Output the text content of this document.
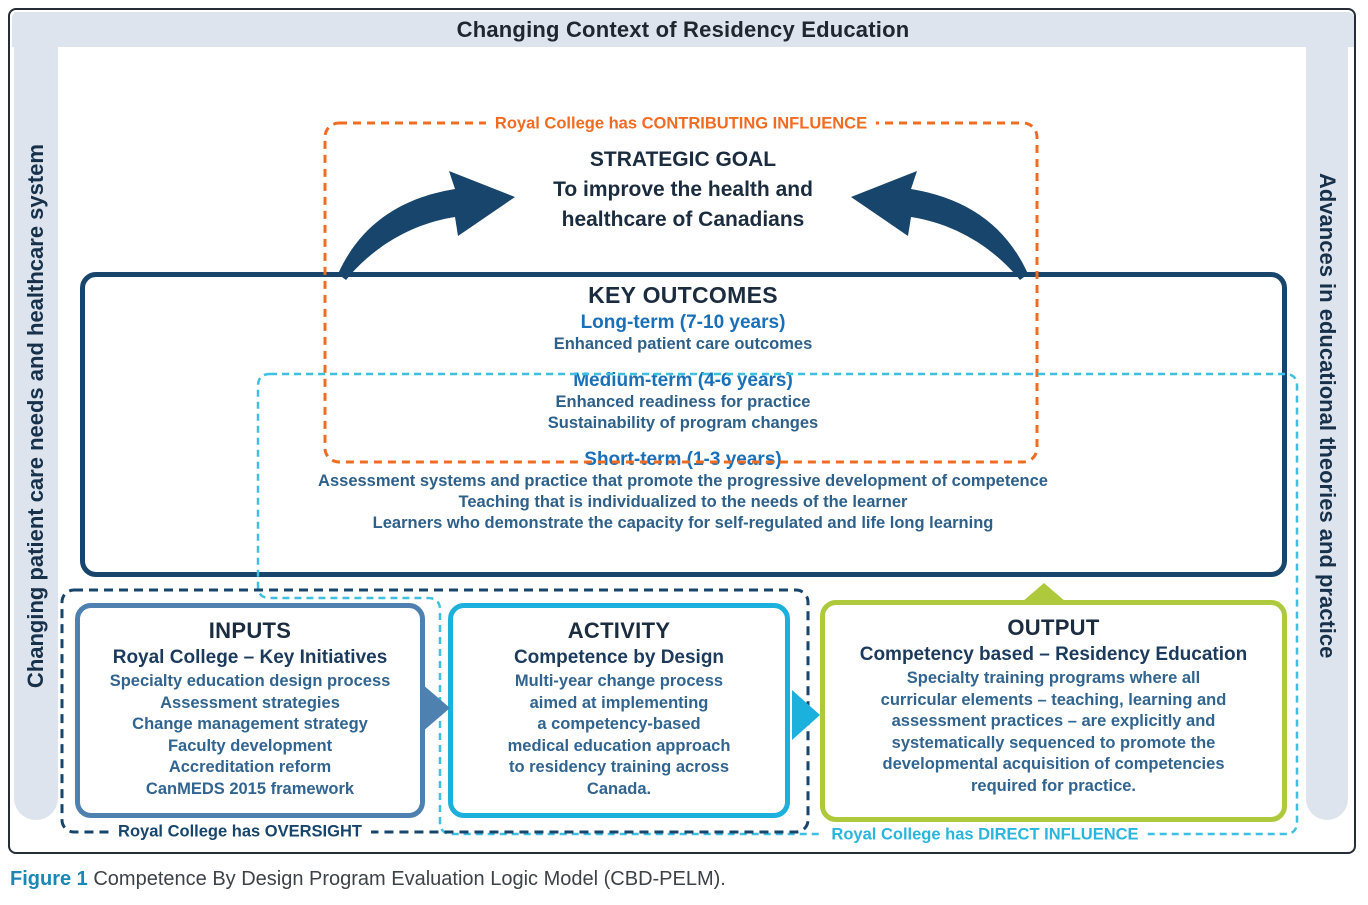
Changing Context of Residency Education
Changing patient care needs and healthcare system	Advances in educational theories and practice
STRATEGIC GOAL
To improve the health and
healthcare of Canadians
KEY OUTCOMES
Long-term (7-10 years)
Enhanced patient care outcomes
Medium-term (4-6 years)
Enhanced readiness for practice
Sustainability of program changes
Short-term (1-3 years)
Assessment systems and practice that promote the progressive development of competence
Teaching that is individualized to the needs of the learner
Learners who demonstrate the capacity for self-regulated and life long learning
INPUTS
Royal College – Key Initiatives
Specialty education design process
Assessment strategies
Change management strategy
Faculty development
Accreditation reform
CanMEDS 2015 framework
ACTIVITY
Competence by Design
Multi-year change process
aimed at implementing
a competency-based
medical education approach
to residency training across
Canada.
OUTPUT
Competency based – Residency Education
Specialty training programs where all
curricular elements – teaching, learning and
assessment practices – are explicitly and
systematically sequenced to promote the
developmental acquisition of competencies
required for practice.
Royal College has CONTRIBUTING INFLUENCE
Royal College has OVERSIGHT	Royal College has DIRECT INFLUENCE
Figure 1 Competence By Design Program Evaluation Logic Model (CBD-PELM).
